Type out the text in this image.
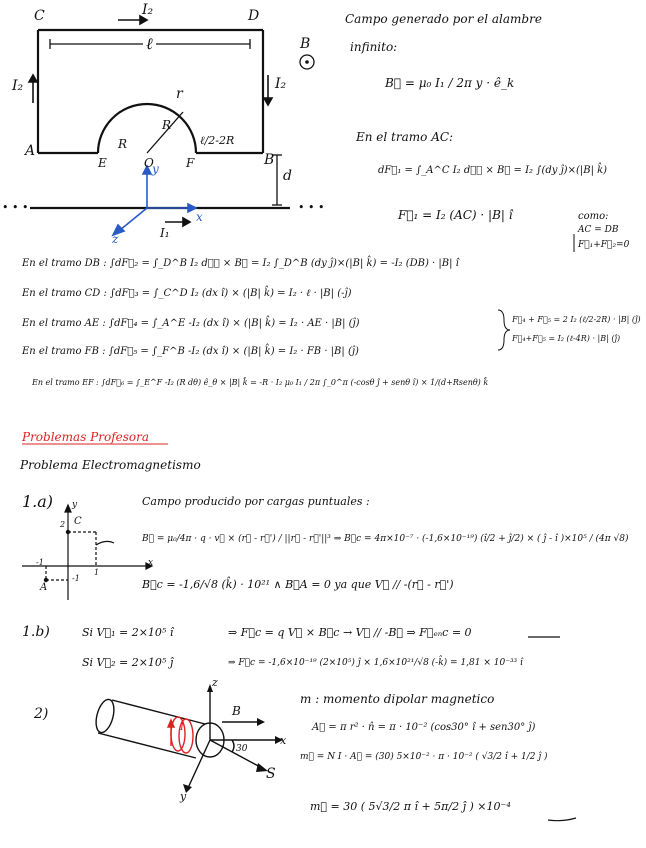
• • •	• • •
C	D
A
E	O	F	B
I₂
I₂	I₂
ℓ
R
R
r
ℓ/2-2R
B
d
y
x
z	I₁
Campo generado por el alambre
infinito:
B⃗ = μ₀ I₁ / 2π y · ê_k
En el tramo AC:
dF⃗₁ = ∫_A^C I₂ dℓ⃗ × B⃗ = I₂ ∫(dy ĵ)×(|B| k̂)
F⃗₁ = I₂ (AC) · |B| î	como:
AC = DB
F⃗₁+F⃗₂=0
En el tramo DB : ∫dF⃗₂ = ∫_D^B I₂ dℓ⃗ × B⃗ = I₂ ∫_D^B (dy ĵ)×(|B| k̂) = -I₂ (DB) · |B| î
En el tramo CD : ∫dF⃗₃ = ∫_C^D I₂ (dx î) × (|B| k̂) = I₂ · ℓ · |B| (-ĵ)
En el tramo AE : ∫dF⃗₄ = ∫_A^E -I₂ (dx î) × (|B| k̂) = I₂ · AE · |B| (ĵ)
En el tramo FB : ∫dF⃗₅ = ∫_F^B -I₂ (dx î) × (|B| k̂) = I₂ · FB · |B| (ĵ)
En el tramo EF : ∫dF⃗₆ = ∫_E^F -I₂ (R dθ) ê_θ × |B| k̂ = -R · I₂ μ₀ I₁ / 2π ∫_0^π (-cosθ ĵ + senθ î) × 1/(d+Rsenθ) k̂
F⃗₄ + F⃗₅ = 2 I₂ (ℓ/2-2R) · |B| (ĵ)
F⃗₄+F⃗₅ = I₂ (ℓ-4R) · |B| (ĵ)
Problemas Profesora
Problema Electromagnetismo
1.a)	Campo producido por cargas puntuales :
B⃗ = μ₀/4π · q · v⃗ × (r⃗ - r⃗') / ||r⃗ - r⃗'||³ ⇒ B⃗c = 4π×10⁻⁷ · (-1,6×10⁻¹⁹) (î/2 + ĵ/2) × ( ĵ - î )×10⁵ / (4π √8)
B⃗c = -1,6/√8 (k̂) · 10²¹ ∧ B⃗A = 0 ya que V⃗ // -(r⃗ - r⃗')
y
x
C
A
2
-1
1
-1
1.b)	Si V⃗₁ = 2×10⁵ î	⇒ F⃗c = q V⃗ × B⃗c → V⃗ // -B⃗ ⇒ F⃗ₑₙc = 0
Si V⃗₂ = 2×10⁵ ĵ	⇒ F⃗c = -1,6×10⁻¹⁹ (2×10⁵) ĵ × 1,6×10²¹/√8 (-k̂) = 1,81 × 10⁻³³ î
2)
z
B
x
S
y
30
I
m : momento dipolar magnetico
A⃗ = π r² · n̂ = π · 10⁻² (cos30° î + sen30° ĵ)
m⃗ = N I · A⃗ = (30) 5×10⁻² · π · 10⁻² ( √3/2 î + 1/2 ĵ )
m⃗ = 30 ( 5√3/2 π î + 5π/2 ĵ ) ×10⁻⁴
